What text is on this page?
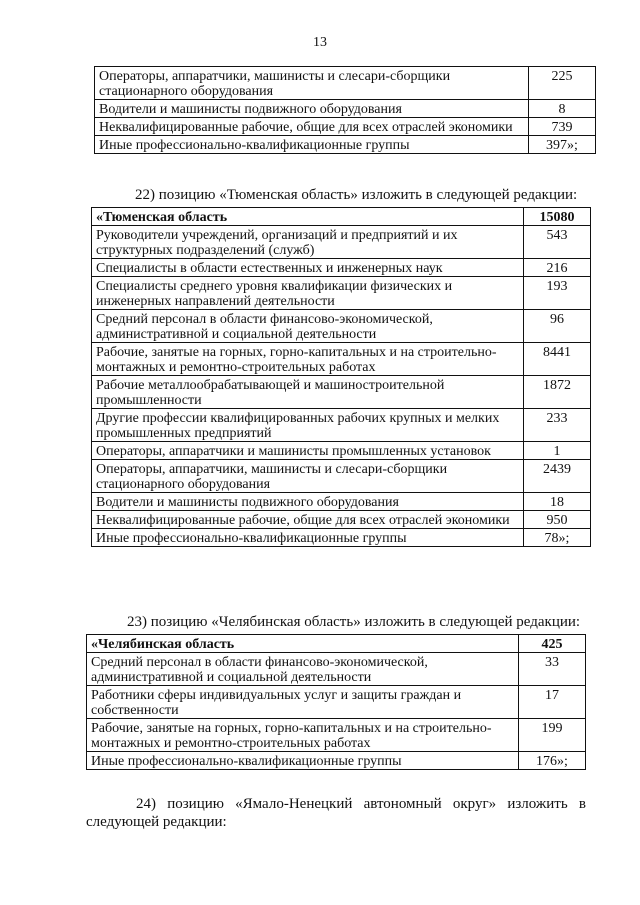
13
Операторы, аппаратчики, машинисты и слесари-сборщики стационарного оборудования	225
Водители и машинисты подвижного оборудования	8
Неквалифицированные рабочие, общие для всех отраслей экономики	739
Иные профессионально-квалификационные группы	397»;

22) позицию «Тюменская область» изложить в следующей редакции:

«Тюменская область	15080
Руководители учреждений, организаций и предприятий и их структурных подразделений (служб)	543
Специалисты в области естественных и инженерных наук	216
Специалисты среднего уровня квалификации физических и инженерных направлений деятельности	193
Средний персонал в области финансово-экономической, административной и социальной деятельности	96
Рабочие, занятые на горных, горно-капитальных и на строительно-монтажных и ремонтно-строительных работах	8441
Рабочие металлообрабатывающей и машиностроительной промышленности	1872
Другие профессии квалифицированных рабочих крупных и мелких промышленных предприятий	233
Операторы, аппаратчики и машинисты промышленных установок	1
Операторы, аппаратчики, машинисты и слесари-сборщики стационарного оборудования	2439
Водители и машинисты подвижного оборудования	18
Неквалифицированные рабочие, общие для всех отраслей экономики	950
Иные профессионально-квалификационные группы	78»;

23) позицию «Челябинская область» изложить в следующей редакции:

«Челябинская область	425
Средний персонал в области финансово-экономической, административной и социальной деятельности	33
Работники сферы индивидуальных услуг и защиты граждан и собственности	17
Рабочие, занятые на горных, горно-капитальных и на строительно-монтажных и ремонтно-строительных работах	199
Иные профессионально-квалификационные группы	176»;

24) позицию «Ямало-Ненецкий автономный округ» изложить в следующей редакции:
